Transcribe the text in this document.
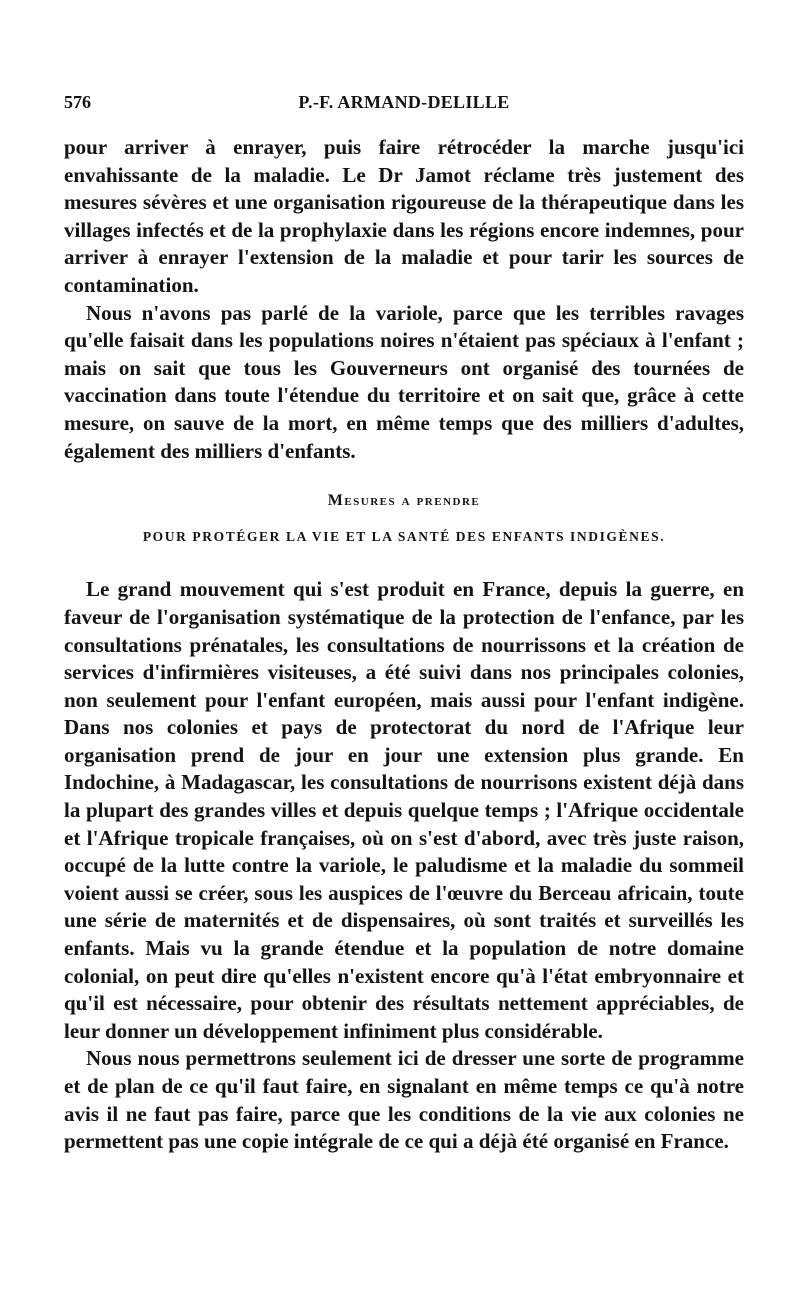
576	P.-F. ARMAND-DELILLE

pour arriver à enrayer, puis faire rétrocéder la marche jusqu'ici envahissante de la maladie. Le Dr Jamot réclame très justement des mesures sévères et une organisation rigoureuse de la thérapeutique dans les villages infectés et de la prophylaxie dans les régions encore indemnes, pour arriver à enrayer l'extension de la maladie et pour tarir les sources de contamination.

Nous n'avons pas parlé de la variole, parce que les terribles ravages qu'elle faisait dans les populations noires n'étaient pas spéciaux à l'enfant ; mais on sait que tous les Gouverneurs ont organisé des tournées de vaccination dans toute l'étendue du territoire et on sait que, grâce à cette mesure, on sauve de la mort, en même temps que des milliers d'adultes, également des milliers d'enfants.

Mesures a prendre
POUR PROTÉGER LA VIE ET LA SANTÉ DES ENFANTS INDIGÈNES.

Le grand mouvement qui s'est produit en France, depuis la guerre, en faveur de l'organisation systématique de la protection de l'enfance, par les consultations prénatales, les consultations de nourrissons et la création de services d'infirmières visiteuses, a été suivi dans nos principales colonies, non seulement pour l'enfant européen, mais aussi pour l'enfant indigène. Dans nos colonies et pays de protectorat du nord de l'Afrique leur organisation prend de jour en jour une extension plus grande. En Indochine, à Madagascar, les consultations de nourrisons existent déjà dans la plupart des grandes villes et depuis quelque temps ; l'Afrique occidentale et l'Afrique tropicale françaises, où on s'est d'abord, avec très juste raison, occupé de la lutte contre la variole, le paludisme et la maladie du sommeil voient aussi se créer, sous les auspices de l'œuvre du Berceau africain, toute une série de maternités et de dispensaires, où sont traités et surveillés les enfants. Mais vu la grande étendue et la population de notre domaine colonial, on peut dire qu'elles n'existent encore qu'à l'état embryonnaire et qu'il est nécessaire, pour obtenir des résultats nettement appréciables, de leur donner un développement infiniment plus considérable.

Nous nous permettrons seulement ici de dresser une sorte de programme et de plan de ce qu'il faut faire, en signalant en même temps ce qu'à notre avis il ne faut pas faire, parce que les conditions de la vie aux colonies ne permettent pas une copie intégrale de ce qui a déjà été organisé en France.
